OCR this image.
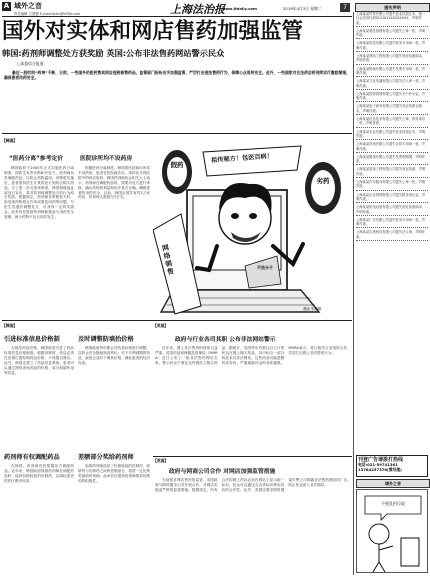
A 域外之音
责任编辑 王建强 E-mail:hkhc@hfl36.com	上海法治报
www.jfdaily.com	2019年4月3日 星期二	7	遗失声明
国外对实体和网店售药加强监管
韩国:药剂师调整处方获奖励 英国:公布非法售药网站警示民众
□本报综合报道
最近一段时间“药神”不断，日前，一些国外的医药售卖网店违规销售药品，监管部门纷纷出手加强监管，严厉打击违法售药行为，保障公众用药安全。此外，一些国家对合法药店药剂师实行激励措施，确保患者用药安全。
【韩国】
“医药分离”参考定价	医院诊所均不设药房
韩国政府于2000年正式实施医药分离制度，即医生负责诊断和开处方，药剂师负责调配药品，以防止药物滥用。该制度实施后，患者需持医生开具的处方到药店购买药品。为了进一步完善该制度，韩国保健福祉部近日宣布，将对药剂师调整处方的行为给予奖励。根据规定，药剂师在审核处方时，如发现药物相互作用或重复用药等问题，与医生沟通后调整处方，可获得一定的奖励金。此举旨在鼓励药剂师积极参与用药安全管理，减少药物不良反应的发生。
根据医药分离制度，韩国的医院和诊所均不设药房，患者在医院就诊后，须持处方到医院外的药店取药。韩国药剂师协会相关人士表示，药剂师在调配药品时，需要对处方进行审核，确认药物的剂量和用法是否正确，确保患者的用药安全。目前，韩国全国共有约2万家药店，药剂师人数超过3万名。
祖传秘方！包医百病！
假药
劣药
网络销售	不法分子
漫画 朱慧卿
【韩国】
引进标准信息价格制	及时调整防填抬价格
为规范药品价格，韩国政府引进了药品标准信息价格制度。根据该制度，药店必须在显著位置标明药品价格，不得擅自涨价。此外，韩国还建立了药品信息系统，患者可以通过网络查询药品的价格、成分和副作用等信息。
韩国政府每年都会对药品价格进行调整，以防止药企随意抬高药价。对于专利到期的药品，政府会及时下调其价格，减轻患者的经济负担。
药剂师有权调配药品	差额部分奖给药剂师
在韩国，药剂师有权根据处方调配药品。近年来，韩国政府鼓励药剂师在调配药品时，选择价格较低的仿制药，以减轻患者的医疗费用负担。
如果药剂师选择了价格较低的仿制药，原研药与仿制药之间的差额部分，将按一定比例奖励给药剂师。此举旨在提高药剂师推荐仿制药的积极性。
【英国】
政府与行业各司其职 公布非法网站警示
近年来，网上非法售药的现象日益严重。英国药品和保健品管理局（MHRA）近日公布了一批非法售药网站名单，警示民众不要在这些网站上购买药品。据统计，英国每年有数以百万计的民众在网上购买药品，其中相当一部分药品来自非法网站，这些药品可能是假药或劣药，严重威胁民众的身体健康。MHRA表示，将与相关行业组织合作，共同打击网上非法售药行为。
【英国】
政府与网商公司合作 对网店加强监管措施
为加强对网店售药的监管，英国政府与网络服务公司开展合作，对网店实施更严格的监管措施。根据规定，所有合法的网上药店必须在网站上显示统一标识，民众可以通过点击该标识核实药店的合法性。此外，英国还要求网络搜索引擎公司屏蔽非法售药网站的广告，防止民众误入非法网站。

上海某某贸易有限公司遗失营业执照正本，统一社会信用代码9131011XXXXXXXX，声明作废。

上海某某餐饮管理有限公司遗失公章一枚，声明作废。

上海某某科技有限公司遗失财务专用章一枚，声明作废。

上海某某建筑工程有限公司遗失营业执照副本，声明作废。

上海某某物流有限公司遗失发票专用章一枚，声明作废。

上海某某文化传播有限公司遗失法人章一枚，声明作废。

上海某某投资管理有限公司遗失开户许可证，声明作废。

上海某某电子商务有限公司遗失营业执照正副本，声明作废。

上海某某信息技术有限公司遗失公章、财务章各一枚，声明作废。

上海某某实业有限公司遗失营业执照正本，声明作废。

上海某某咨询有限公司遗失合同专用章一枚，声明作废。

上海某某服饰有限公司遗失发票领购簿，声明作废。

上海某某装饰工程有限公司遗失营业执照，声明作废。

上海某某汽车服务有限公司遗失公章一枚，声明作废。

上海某某企业管理有限公司遗失税务登记证，声明作废。

上海某某机电设备有限公司遗失营业执照副本，声明作废。

上海某某广告有限公司遗失财务专用章一枚，声明作废。

上海某某生物科技有限公司遗失法人章，声明作废。

刊登广告请拨打热线
电话:021-59741361 13764257378(黄经理)
域外之音
不要乱扔垃圾
